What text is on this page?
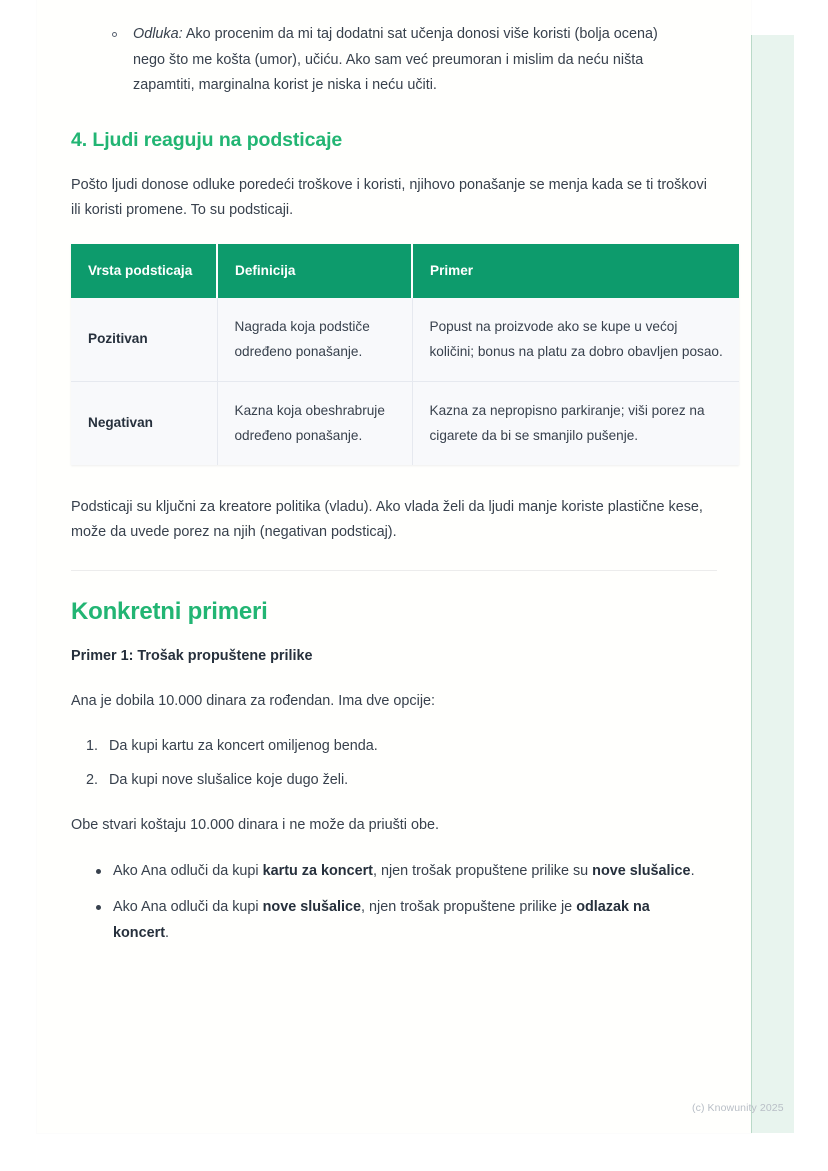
Odluka: Ako procenim da mi taj dodatni sat učenja donosi više koristi (bolja ocena) nego što me košta (umor), učiću. Ako sam već preumoran i mislim da neću ništa zapamtiti, marginalna korist je niska i neću učiti.
4. Ljudi reaguju na podsticaje

Pošto ljudi donose odluke poredeći troškove i koristi, njihovo ponašanje se menja kada se ti troškovi ili koristi promene. To su podsticaji.

Vrsta podsticaja	Definicija	Primer
Pozitivan	Nagrada koja podstiče određeno ponašanje.	Popust na proizvode ako se kupe u većoj količini; bonus na platu za dobro obavljen posao.
Negativan	Kazna koja obeshrabruje određeno ponašanje.	Kazna za nepropisno parkiranje; viši porez na cigarete da bi se smanjilo pušenje.

Podsticaji su ključni za kreatore politika (vladu). Ako vlada želi da ljudi manje koriste plastične kese, može da uvede porez na njih (negativan podsticaj).

Konkretni primeri
Primer 1: Trošak propuštene prilike

Ana je dobila 10.000 dinara za rođendan. Ima dve opcije:

Da kupi kartu za koncert omiljenog benda.
Da kupi nove slušalice koje dugo želi.

Obe stvari koštaju 10.000 dinara i ne može da priušti obe.

Ako Ana odluči da kupi kartu za koncert, njen trošak propuštene prilike su nove slušalice.
Ako Ana odluči da kupi nove slušalice, njen trošak propuštene prilike je odlazak na koncert.
(c) Knowunity 2025
